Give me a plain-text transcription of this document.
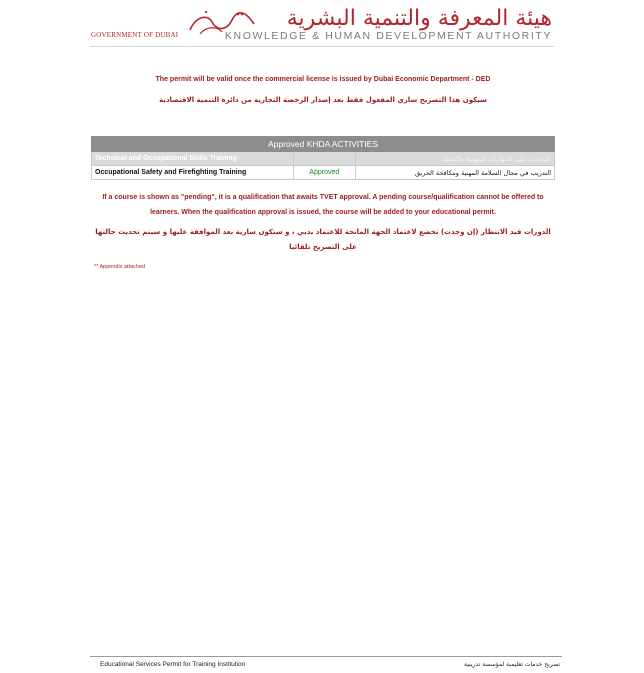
GOVERNMENT OF DUBAI
هيئة المعرفة والتنمية البشرية
KNOWLEDGE & HUMAN DEVELOPMENT AUTHORITY
The permit will be valid once the commercial license is issued by Dubai Economic Department - DED
سيكون هذا التصريح ساري المفعول فقط بعد إصدار الرخصة التجارية من دائرة التنمية الاقتصادية
Approved KHDA ACTIVITIES		
Technical and Occupational Skills Training		التدريب على المهارات المهنية والتقنية
Occupational Safety and Firefighting Training	Approved	التدريب في مجال السلامة المهنية ومكافحة الحريق
If a course is shown as "pending", it is a qualification that awaits TVET approval. A pending course/qualification cannot be offered to learners. When the qualification approval is issued, the course will be added to your educational permit.
الدورات قيد الانتظار (إن وجدت) تخضع لاعتماد الجهة المانحة للاعتماد بدبي ، و ستكون سارية بعد الموافقة عليها و سيتم تحديث حالتها على التصريح تلقائيا
** Appendix attached
Educational Services Permit for Training Institution	تصريح خدمات تعليمية لمؤسسة تدريبية
